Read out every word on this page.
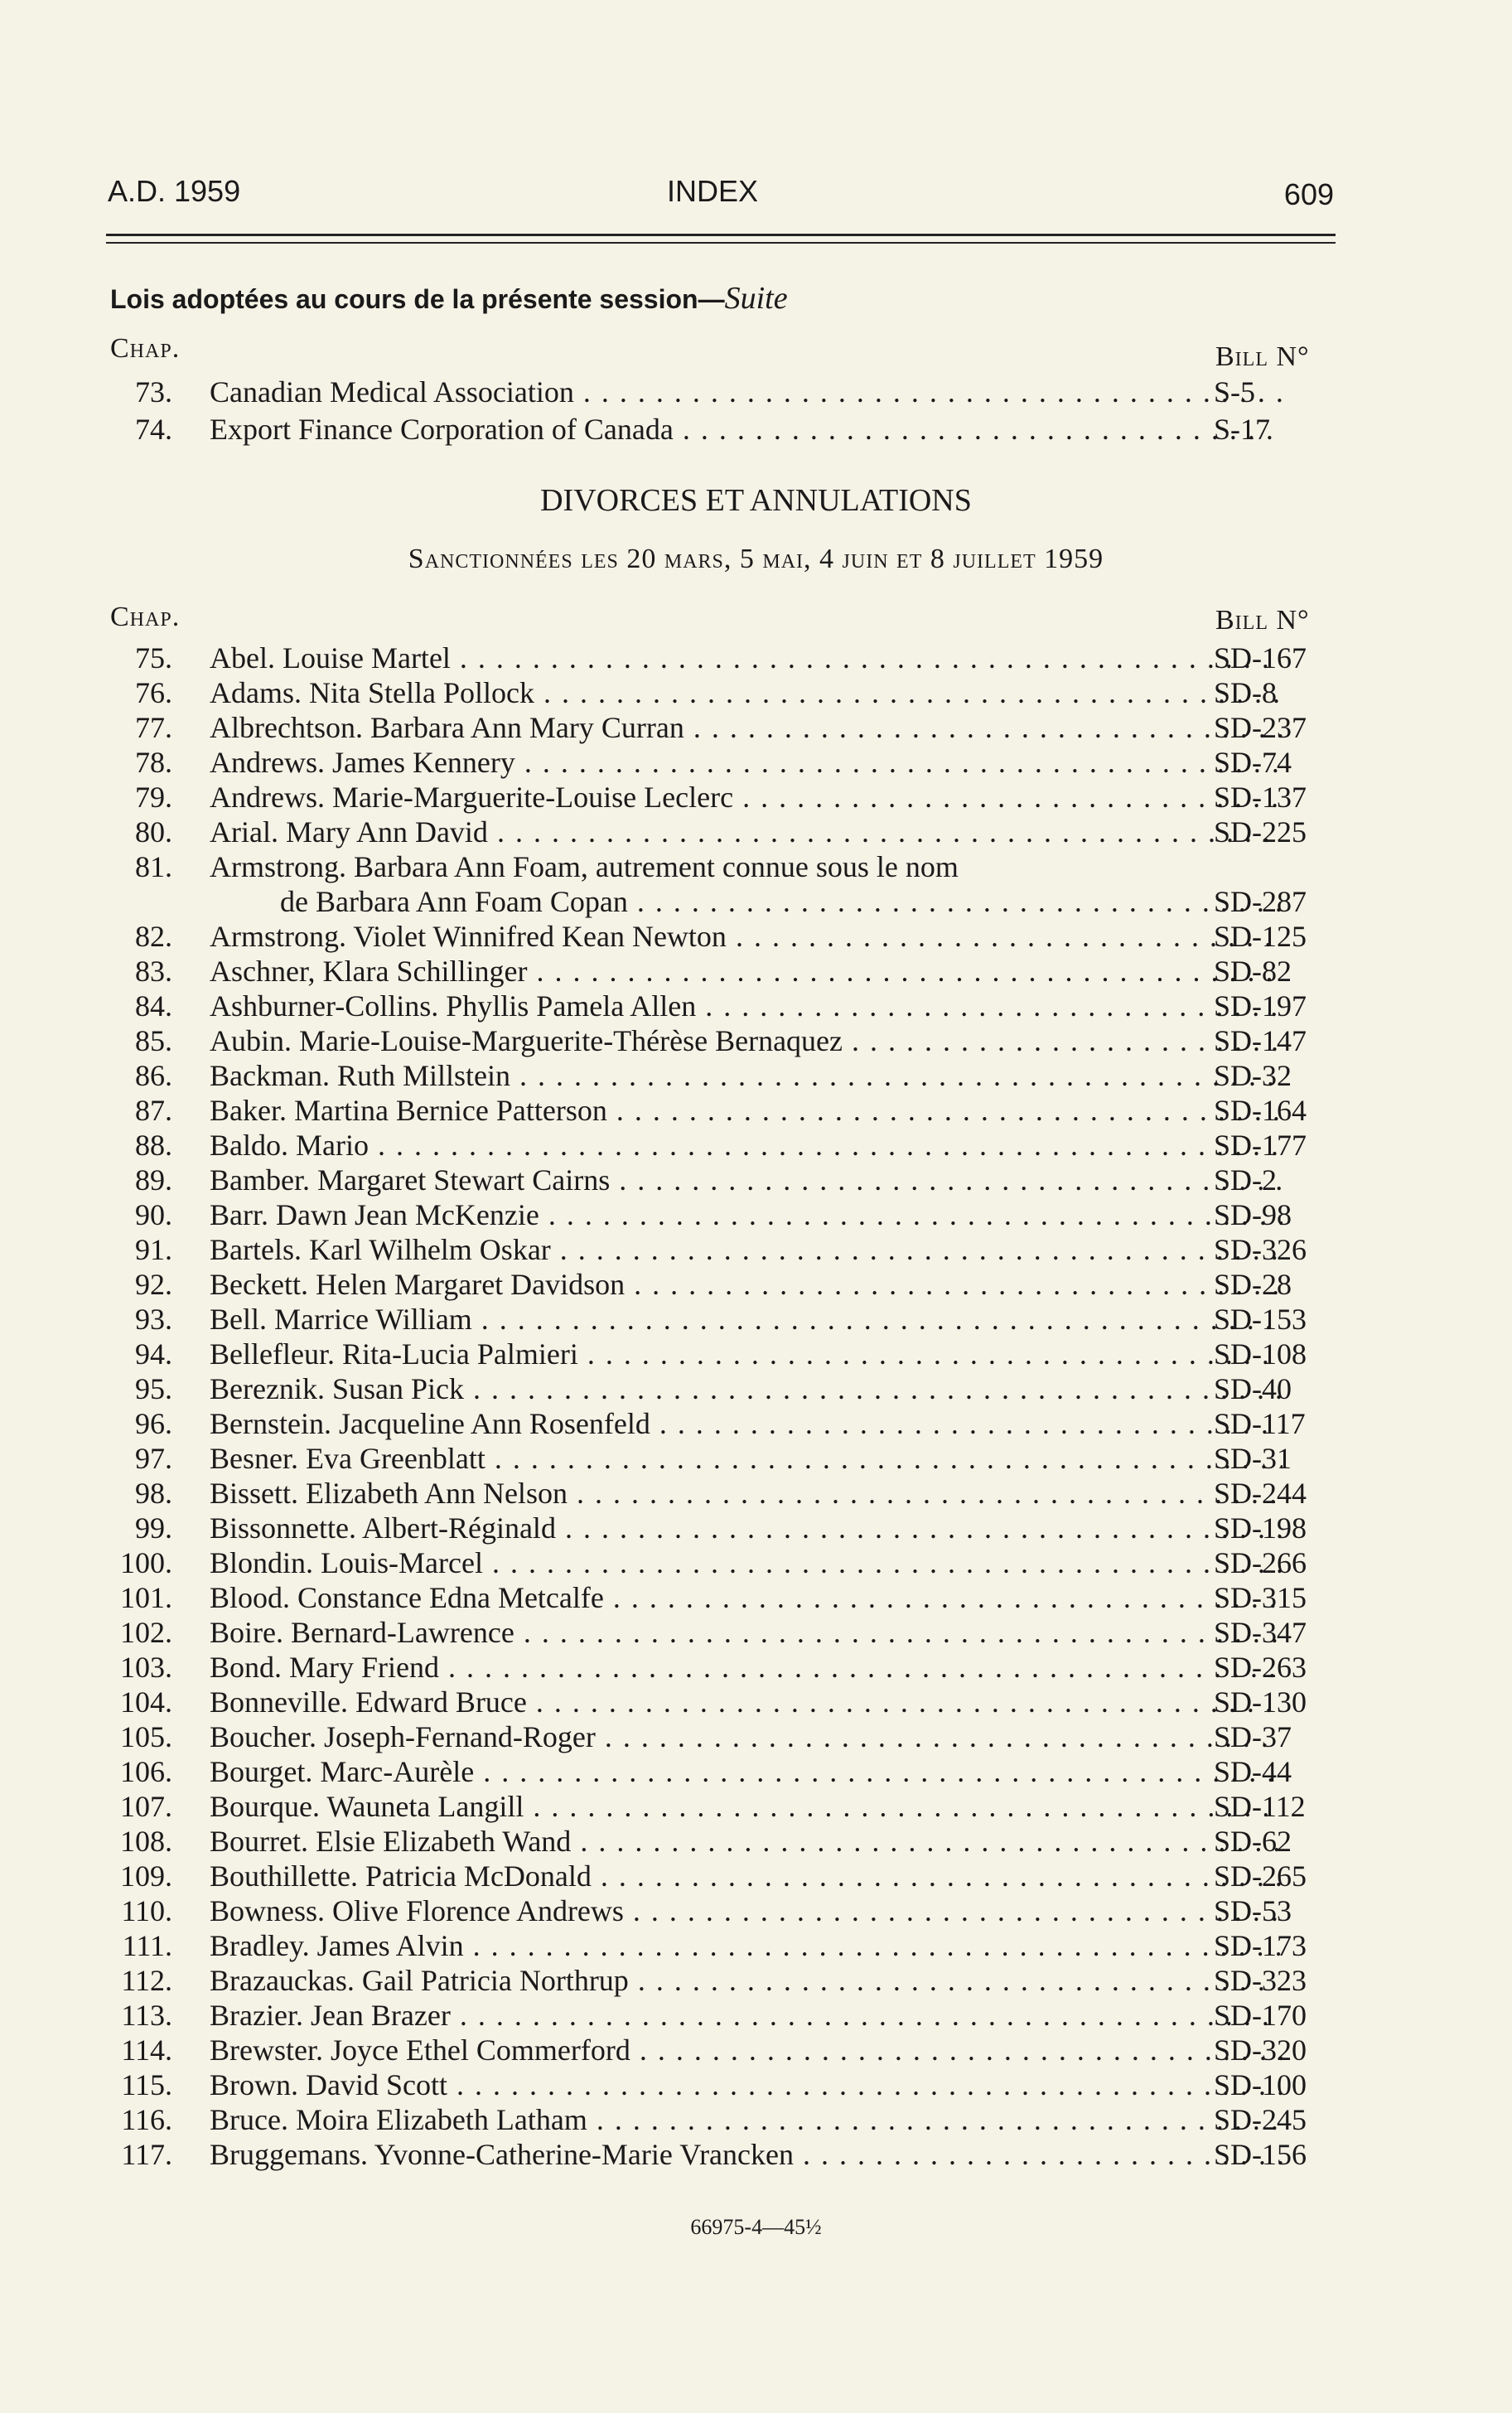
A.D. 1959	INDEX	609
Lois adoptées au cours de la présente session—Suite
Chap.	Bill N°
73. Canadian Medical Association . . .	S-5
74. Export Finance Corporation of Canada . . .	S-17
DIVORCES ET ANNULATIONS
Sanctionnées les 20 mars, 5 mai, 4 juin et 8 juillet 1959
Chap.	Bill N°
75. Abel. Louise Martel . . .	SD-167
76. Adams. Nita Stella Pollock . . .	SD-8
77. Albrechtson. Barbara Ann Mary Curran . . .	SD-237
78. Andrews. James Kennery . . .	SD-74
79. Andrews. Marie-Marguerite-Louise Leclerc . . .	SD-137
80. Arial. Mary Ann David . . .	SD-225
81. Armstrong. Barbara Ann Foam, autrement connue sous le nom
de Barbara Ann Foam Copan . . .	SD-287
82. Armstrong. Violet Winnifred Kean Newton . . .	SD-125
83. Aschner, Klara Schillinger . . .	SD-82
84. Ashburner-Collins. Phyllis Pamela Allen . . .	SD-197
85. Aubin. Marie-Louise-Marguerite-Thérèse Bernaquez . . .	SD-147
86. Backman. Ruth Millstein . . .	SD-32
87. Baker. Martina Bernice Patterson . . .	SD-164
88. Baldo. Mario . . .	SD-177
89. Bamber. Margaret Stewart Cairns . . .	SD-2
90. Barr. Dawn Jean McKenzie . . .	SD-98
91. Bartels. Karl Wilhelm Oskar . . .	SD-326
92. Beckett. Helen Margaret Davidson . . .	SD-28
93. Bell. Marrice William . . .	SD-153
94. Bellefleur. Rita-Lucia Palmieri . . .	SD-108
95. Bereznik. Susan Pick . . .	SD-40
96. Bernstein. Jacqueline Ann Rosenfeld . . .	SD-117
97. Besner. Eva Greenblatt . . .	SD-31
98. Bissett. Elizabeth Ann Nelson . . .	SD-244
99. Bissonnette. Albert-Réginald . . .	SD-198
100. Blondin. Louis-Marcel . . .	SD-266
101. Blood. Constance Edna Metcalfe . . .	SD-315
102. Boire. Bernard-Lawrence . . .	SD-347
103. Bond. Mary Friend . . .	SD-263
104. Bonneville. Edward Bruce . . .	SD-130
105. Boucher. Joseph-Fernand-Roger . . .	SD-37
106. Bourget. Marc-Aurèle . . .	SD-44
107. Bourque. Wauneta Langill . . .	SD-112
108. Bourret. Elsie Elizabeth Wand . . .	SD-62
109. Bouthillette. Patricia McDonald . . .	SD-265
110. Bowness. Olive Florence Andrews . . .	SD-53
111. Bradley. James Alvin . . .	SD-173
112. Brazauckas. Gail Patricia Northrup . . .	SD-323
113. Brazier. Jean Brazer . . .	SD-170
114. Brewster. Joyce Ethel Commerford . . .	SD-320
115. Brown. David Scott . . .	SD-100
116. Bruce. Moira Elizabeth Latham . . .	SD-245
117. Bruggemans. Yvonne-Catherine-Marie Vrancken . . .	SD-156
66975-4—45½
